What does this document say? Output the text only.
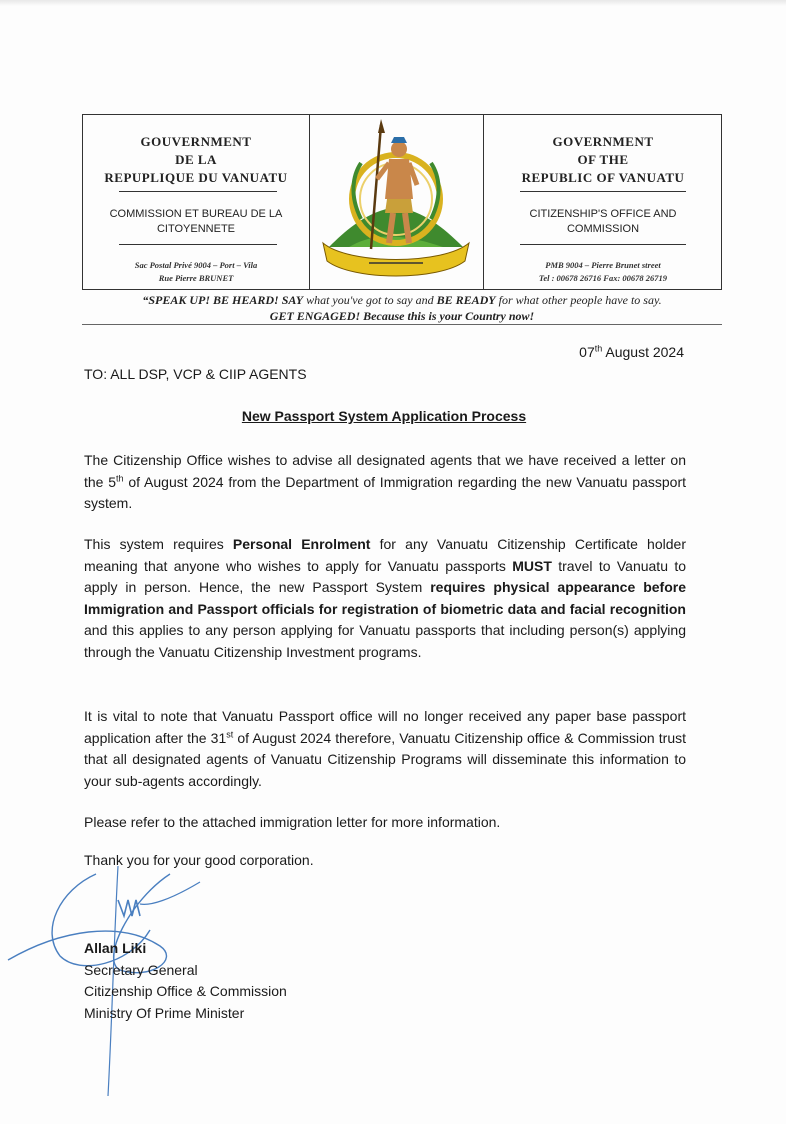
GOUVERNMENT
DE LA
REPUPLIQUE DU VANUATU
COMMISSION ET BUREAU DE LA
CITOYENNETE
Sac Postal Privé 9004 – Port – Vila
Rue Pierre BRUNET
GOVERNMENT
OF THE
REPUBLIC OF VANUATU
CITIZENSHIP'S OFFICE AND
COMMISSION
PMB 9004 – Pierre Brunet street
Tel : 00678 26716 Fax: 00678 26719
“SPEAK UP! BE HEARD! SAY what you've got to say and BE READY for what other people have to say.
GET ENGAGED! Because this is your Country now!
07th August 2024
TO: ALL DSP, VCP & CIIP AGENTS
New Passport System Application Process
The Citizenship Office wishes to advise all designated agents that we have received a letter on the 5th of August 2024 from the Department of Immigration regarding the new Vanuatu passport system.
This system requires Personal Enrolment for any Vanuatu Citizenship Certificate holder meaning that anyone who wishes to apply for Vanuatu passports MUST travel to Vanuatu to apply in person. Hence, the new Passport System requires physical appearance before Immigration and Passport officials for registration of biometric data and facial recognition and this applies to any person applying for Vanuatu passports that including person(s) applying through the Vanuatu Citizenship Investment programs.
It is vital to note that Vanuatu Passport office will no longer received any paper base passport application after the 31st of August 2024 therefore, Vanuatu Citizenship office & Commission trust that all designated agents of Vanuatu Citizenship Programs will disseminate this information to your sub-agents accordingly.
Please refer to the attached immigration letter for more information.
Thank you for your good corporation.
Allan Liki
Secretary General
Citizenship Office & Commission
Ministry Of Prime Minister
